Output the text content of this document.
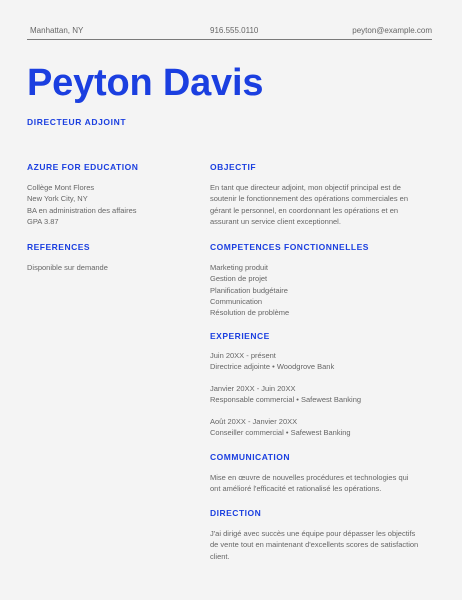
Manhattan, NY	916.555.0110	peyton@example.com
Peyton Davis
DIRECTEUR ADJOINT
AZURE FOR EDUCATION
Collège Mont Flores
New York City, NY
BA en administration des affaires
GPA 3.87
REFERENCES
Disponible sur demande
OBJECTIF
En tant que directeur adjoint, mon objectif principal est de
soutenir le fonctionnement des opérations commerciales en
gérant le personnel, en coordonnant les opérations et en
assurant un service client exceptionnel.
COMPETENCES FONCTIONNELLES
Marketing produit
Gestion de projet
Planification budgétaire
Communication
Résolution de problème
EXPERIENCE
Juin 20XX - présent
Directrice adjointe • Woodgrove Bank
Janvier 20XX - Juin 20XX
Responsable commercial • Safewest Banking
Août 20XX - Janvier 20XX
Conseiller commercial • Safewest Banking
COMMUNICATION
Mise en œuvre de nouvelles procédures et technologies qui
ont amélioré l'efficacité et rationalisé les opérations.
DIRECTION
J'ai dirigé avec succès une équipe pour dépasser les objectifs
de vente tout en maintenant d'excellents scores de satisfaction
client.
